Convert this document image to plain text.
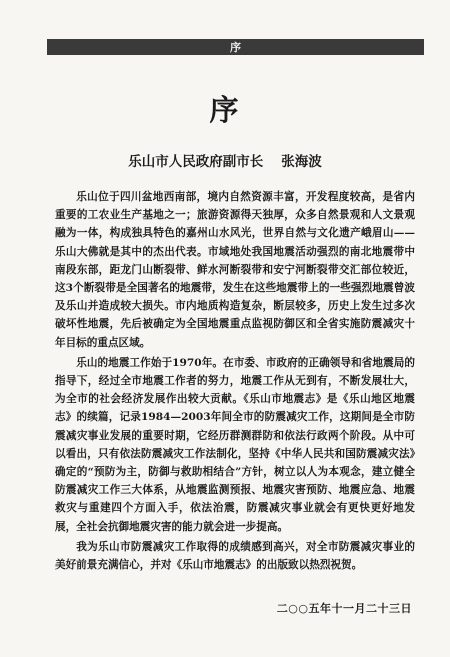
序
序
乐山市人民政府副市长 张海波

乐山位于四川盆地西南部，境内自然资源丰富，开发程度较高，是省内重要的工农业生产基地之一；旅游资源得天独厚，众多自然景观和人文景观融为一体，构成独具特色的嘉州山水风光，世界自然与文化遗产峨眉山——乐山大佛就是其中的杰出代表。市域地处我国地震活动强烈的南北地震带中南段东部，距龙门山断裂带、鲜水河断裂带和安宁河断裂带交汇部位较近，这3个断裂带是全国著名的地震带，发生在这些地震带上的一些强烈地震曾波及乐山并造成较大损失。市内地质构造复杂，断层较多，历史上发生过多次破坏性地震，先后被确定为全国地震重点监视防御区和全省实施防震减灾十年目标的重点区域。

乐山的地震工作始于1970年。在市委、市政府的正确领导和省地震局的指导下，经过全市地震工作者的努力，地震工作从无到有，不断发展壮大，为全市的社会经济发展作出较大贡献。《乐山市地震志》是《乐山地区地震志》的续篇，记录1984—2003年间全市的防震减灾工作，这期间是全市防震减灾事业发展的重要时期，它经历群测群防和依法行政两个阶段。从中可以看出，只有依法防震减灾工作法制化，坚持《中华人民共和国防震减灾法》确定的“预防为主，防御与救助相结合”方针，树立以人为本观念，建立健全防震减灾工作三大体系，从地震监测预报、地震灾害预防、地震应急、地震救灾与重建四个方面入手，依法治震，防震减灾事业就会有更快更好地发展，全社会抗御地震灾害的能力就会进一步提高。

我为乐山市防震减灾工作取得的成绩感到高兴，对全市防震减灾事业的美好前景充满信心，并对《乐山市地震志》的出版致以热烈祝贺。

二○○五年十一月二十三日
